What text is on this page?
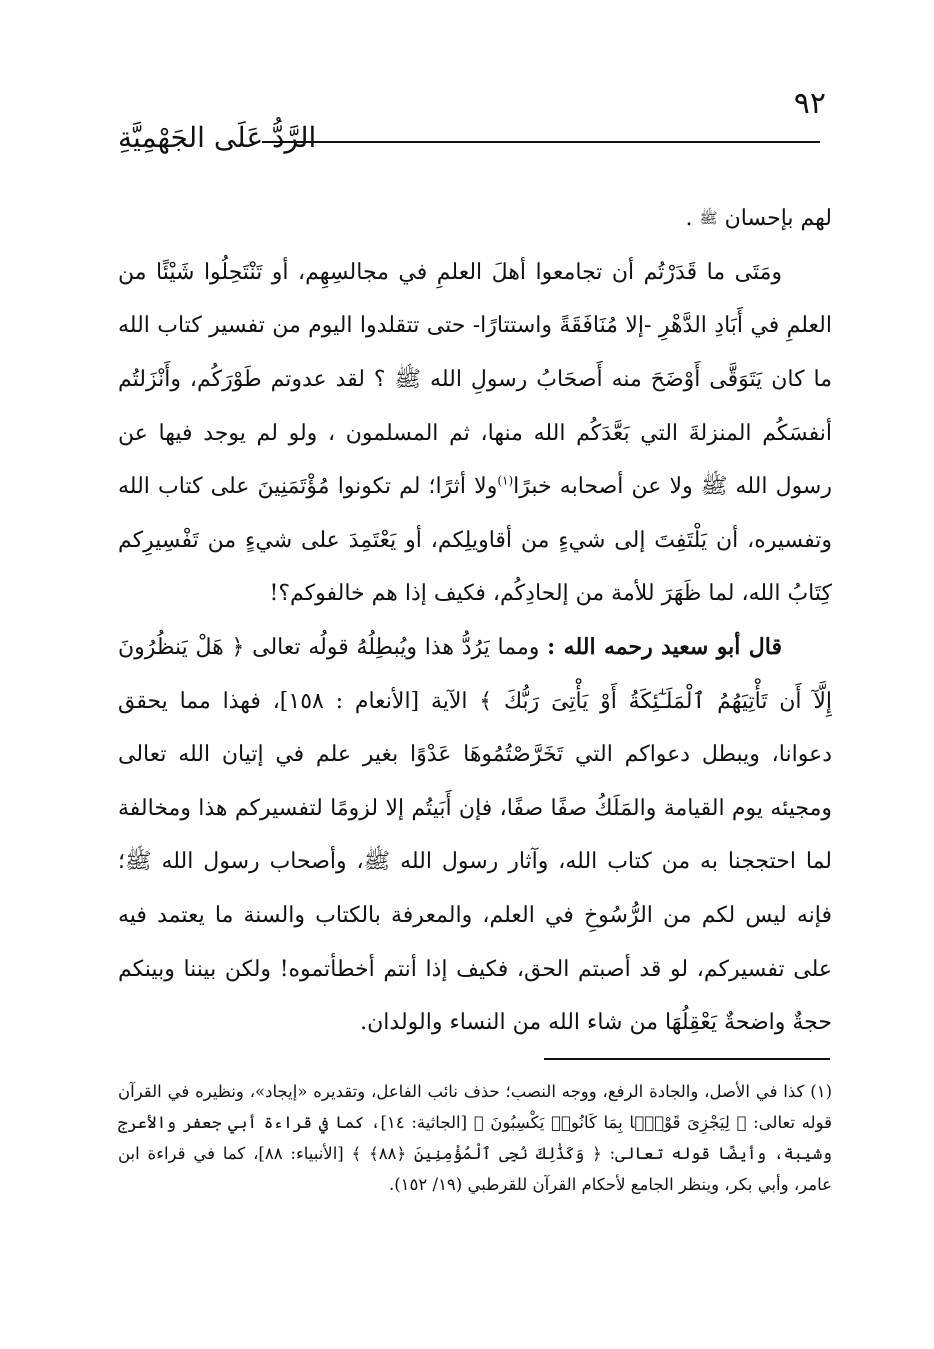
٩٢
الرَّدُّ عَلَى الجَهْمِيَّةِ

لهم بإحسان ﷺ .

ومَتَى ما قَدَرْتُم أن تجامعوا أهلَ العلمِ في مجالسِهِم، أو تَنْتَحِلُوا شَيْئًا من العلمِ في أَبَادِ الدَّهْرِ -إلا مُنَافَقَةً واستتارًا- حتى تتقلدوا اليوم من تفسير كتاب الله ما كان يَتَوَقَّى أَوْضَحَ منه أَصحَابُ رسولِ الله ﷺ ؟ لقد عدوتم طَوْرَكُم، وأَنْزَلتُم أنفسَكُم المنزلةَ التي بَعَّدَكُم الله منها، ثم المسلمون ، ولو لم يوجد فيها عن رسول الله ﷺ ولا عن أصحابه خبرًا$^{(١)}$ولا أثرًا؛ لم تكونوا مُؤْتَمَنِينَ على كتاب الله وتفسيره، أن يَلْتَفِتَ إلى شيءٍ من أقاويلِكم، أو يَعْتَمِدَ على شيءٍ من تَفْسِيرِكم كِتَابُ الله، لما ظَهَرَ للأمة من إلحادِكُم، فكيف إذا هم خالفوكم؟!

قال أبو سعيد رحمه الله : ومما يَرُدُّ هذا ويُبطِلُهُ قولُه تعالى ﴿ هَلْ يَنظُرُونَ إِلَّآ أَن تَأْتِيَهُمُ ٱلْمَلَـٰٓئِكَةُ أَوْ يَأْتِىَ رَبُّكَ ﴾ الآية [الأنعام : ١٥٨]، فهذا مما يحقق دعوانا، ويبطل دعواكم التي تَخَرَّصْتُمُوهَا عَدْوًا بغير علم في إتيان الله تعالى ومجيئه يوم القيامة والمَلَكُ صفًا صفًا، فإن أَبَيتُم إلا لزومًا لتفسيركم هذا ومخالفة لما احتججنا به من كتاب الله، وآثار رسول الله ﷺ، وأصحاب رسول الله ﷺ؛ فإنه ليس لكم من الرُّسُوخِ في العلم، والمعرفة بالكتاب والسنة ما يعتمد فيه على تفسيركم، لو قد أصبتم الحق، فكيف إذا أنتم أخطأتموه! ولكن بيننا وبينكم حجةٌ واضحةٌ يَعْقِلُهَا من شاء الله من النساء والولدان.

(١) كذا في الأصل، والجادة الرفع، ووجه النصب؛ حذف نائب الفاعل، وتقديره «إيجاد»، ونظيره في القرآن قوله تعالى: ﴿ لِيَجْزِىَ قَوْمًۢا بِمَا كَانُوا۟ يَكْسِبُونَ ﴾ [الجاثية: ١٤]، كما في قراءة أبي جعفر والأعرج وشيبة، وأيضًا قوله تعالى: ﴿ وَكَذَٰلِكَ نُجِى ٱلْمُؤْمِنِينَ ﴿٨٨﴾ ﴾ [الأنبياء: ٨٨]، كما في قراءة ابن عامر، وأبي بكر، وينظر الجامع لأحكام القرآن للقرطبي (١٩/ ١٥٢).
